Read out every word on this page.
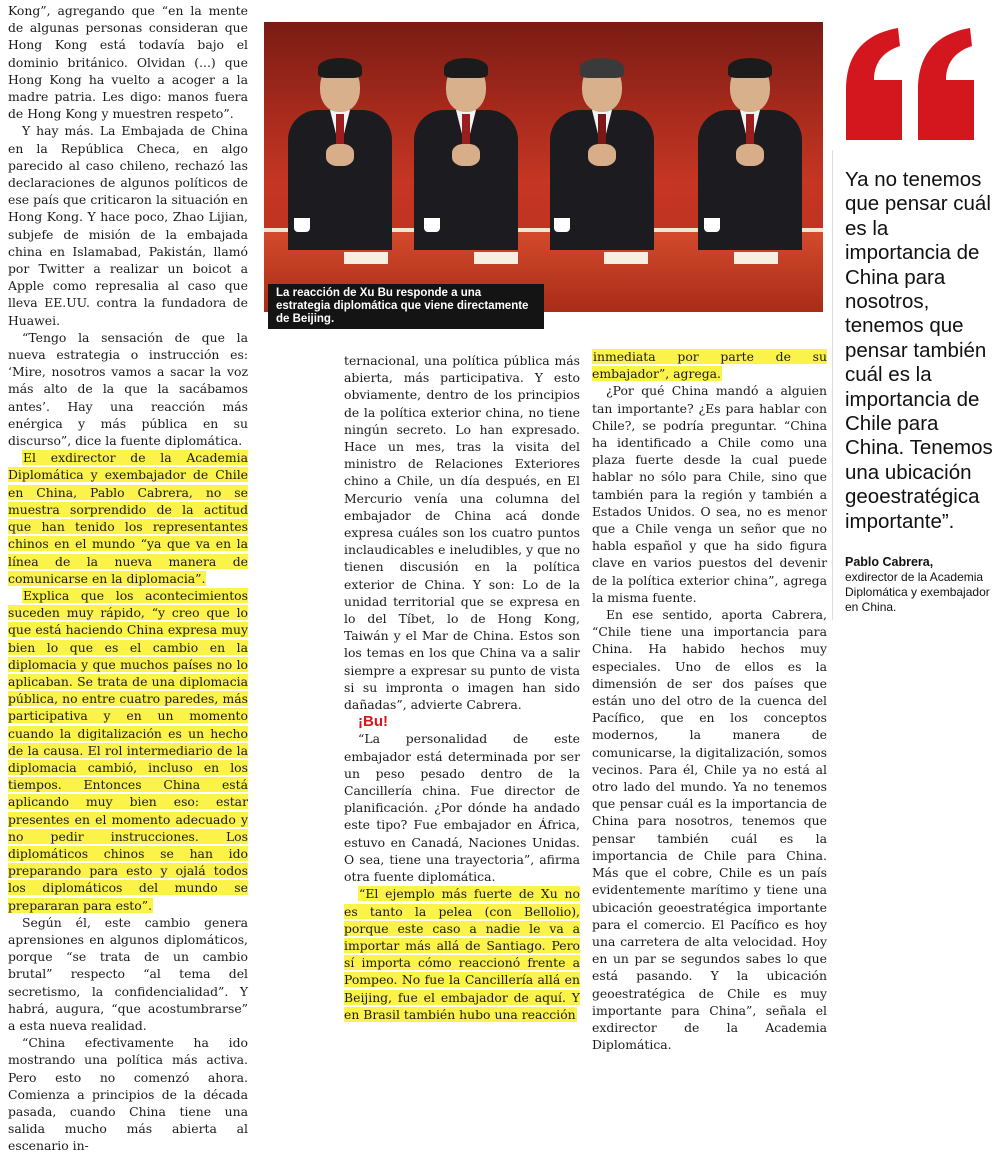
Kong”, agregando que “en la mente de algunas personas consideran que Hong Kong está todavía bajo el dominio británico. Olvidan (...) que Hong Kong ha vuelto a acoger a la madre patria. Les digo: manos fuera de Hong Kong y muestren respeto”.

Y hay más. La Embajada de China en la República Checa, en algo parecido al caso chileno, rechazó las declaraciones de algunos políticos de ese país que criticaron la situación en Hong Kong. Y hace poco, Zhao Lijian, subjefe de misión de la embajada china en Islamabad, Pakistán, llamó por Twitter a realizar un boicot a Apple como represalia al caso que lleva EE.UU. contra la fundadora de Huawei.

“Tengo la sensación de que la nueva estrategia o instrucción es: ‘Mire, nosotros vamos a sacar la voz más alto de la que la sacábamos antes’. Hay una reacción más enérgica y más pública en su discurso”, dice la fuente diplomática.

El exdirector de la Academia Diplomática y exembajador de Chile en China, Pablo Cabrera, no se muestra sorprendido de la actitud que han tenido los representantes chinos en el mundo “ya que va en la línea de la nueva manera de comunicarse en la diplomacia”.

Explica que los acontecimientos suceden muy rápido, “y creo que lo que está haciendo China expresa muy bien lo que es el cambio en la diplomacia y que muchos países no lo aplicaban. Se trata de una diplomacia pública, no entre cuatro paredes, más participativa y en un momento cuando la digitalización es un hecho de la causa. El rol intermediario de la diplomacia cambió, incluso en los tiempos. Entonces China está aplicando muy bien eso: estar presentes en el momento adecuado y no pedir instrucciones. Los diplomáticos chinos se han ido preparando para esto y ojalá todos los diplomáticos del mundo se prepararan para esto”.

Según él, este cambio genera aprensiones en algunos diplomáticos, porque “se trata de un cambio brutal” respecto “al tema del secretismo, la confidencialidad”. Y habrá, augura, “que acostumbrarse” a esta nueva realidad.

“China efectivamente ha ido mostrando una política más activa. Pero esto no comenzó ahora. Comienza a principios de la década pasada, cuando China tiene una salida mucho más abierta al escenario in-

La reacción de Xu Bu responde a una estrategia diplomática que viene directamente de Beijing.

ternacional, una política pública más abierta, más participativa. Y esto obviamente, dentro de los principios de la política exterior china, no tiene ningún secreto. Lo han expresado. Hace un mes, tras la visita del ministro de Relaciones Exteriores chino a Chile, un día después, en El Mercurio venía una columna del embajador de China acá donde expresa cuáles son los cuatro puntos inclaudicables e ineludibles, y que no tienen discusión en la política exterior de China. Y son: Lo de la unidad territorial que se expresa en lo del Tíbet, lo de Hong Kong, Taiwán y el Mar de China. Estos son los temas en los que China va a salir siempre a expresar su punto de vista si su impronta o imagen han sido dañadas”, advierte Cabrera.

¡Bu!

“La personalidad de este embajador está determinada por ser un peso pesado dentro de la Cancillería china. Fue director de planificación. ¿Por dónde ha andado este tipo? Fue embajador en África, estuvo en Canadá, Naciones Unidas. O sea, tiene una trayectoria”, afirma otra fuente diplomática.

“El ejemplo más fuerte de Xu no es tanto la pelea (con Bellolio), porque este caso a nadie le va a importar más allá de Santiago. Pero sí importa cómo reaccionó frente a Pompeo. No fue la Cancillería allá en Beijing, fue el embajador de aquí. Y en Brasil también hubo una reacción

inmediata por parte de su embajador”, agrega.

¿Por qué China mandó a alguien tan importante? ¿Es para hablar con Chile?, se podría preguntar. “China ha identificado a Chile como una plaza fuerte desde la cual puede hablar no sólo para Chile, sino que también para la región y también a Estados Unidos. O sea, no es menor que a Chile venga un señor que no habla español y que ha sido figura clave en varios puestos del devenir de la política exterior china”, agrega la misma fuente.

En ese sentido, aporta Cabrera, “Chile tiene una importancia para China. Ha habido hechos muy especiales. Uno de ellos es la dimensión de ser dos países que están uno del otro de la cuenca del Pacífico, que en los conceptos modernos, la manera de comunicarse, la digitalización, somos vecinos. Para él, Chile ya no está al otro lado del mundo. Ya no tenemos que pensar cuál es la importancia de China para nosotros, tenemos que pensar también cuál es la importancia de Chile para China. Más que el cobre, Chile es un país evidentemente marítimo y tiene una ubicación geoestratégica importante para el comercio. El Pacífico es hoy una carretera de alta velocidad. Hoy en un par se segundos sabes lo que está pasando. Y la ubicación geoestratégica de Chile es muy importante para China”, señala el exdirector de la Academia Diplomática.

Ya no tenemos que pensar cuál es la importancia de China para nosotros, tenemos que pensar también cuál es la importancia de Chile para China. Tenemos una ubicación geoestratégica importante”.
Pablo Cabrera,
exdirector de la Academia Diplomática y exembajador en China.
